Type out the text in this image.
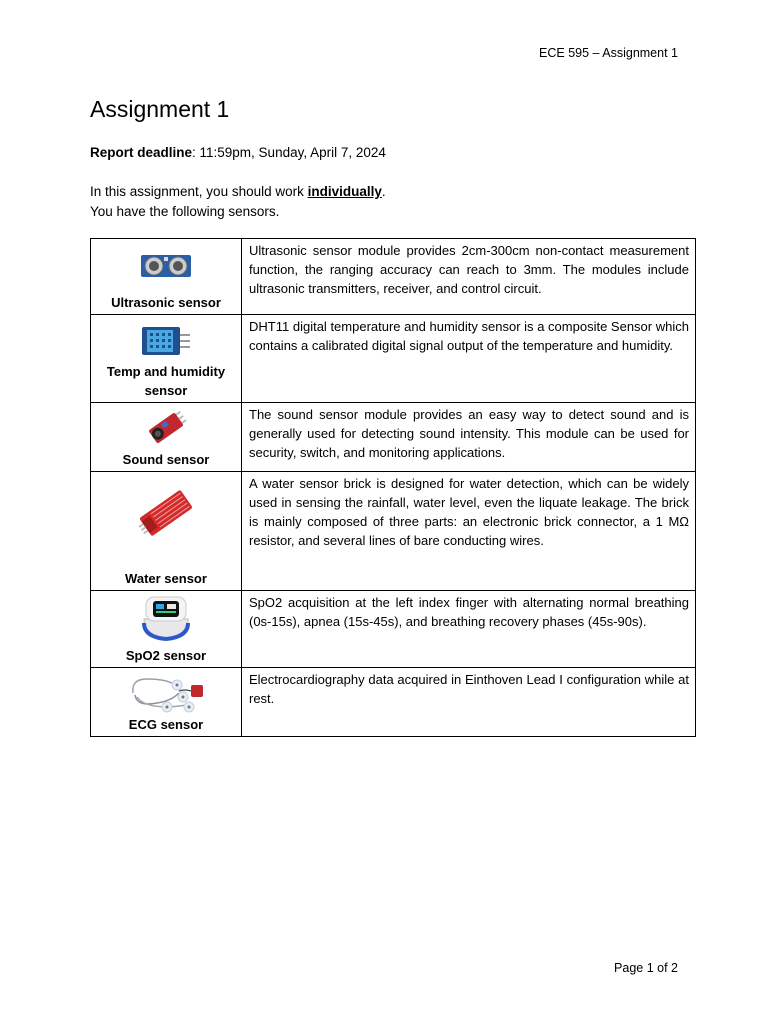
ECE 595 – Assignment 1
Assignment 1
Report deadline: 11:59pm, Sunday, April 7, 2024
In this assignment, you should work individually.
You have the following sensors.
Ultrasonic sensor	Ultrasonic sensor module provides 2cm-300cm non-contact measurement function, the ranging accuracy can reach to 3mm. The modules include ultrasonic transmitters, receiver, and control circuit.

Temp and humidity sensor	DHT11 digital temperature and humidity sensor is a composite Sensor which contains a calibrated digital signal output of the temperature and humidity.

Sound sensor	The sound sensor module provides an easy way to detect sound and is generally used for detecting sound intensity. This module can be used for security, switch, and monitoring applications.

Water sensor	A water sensor brick is designed for water detection, which can be widely used in sensing the rainfall, water level, even the liquate leakage. The brick is mainly composed of three parts: an electronic brick connector, a 1 MΩ resistor, and several lines of bare conducting wires.

SpO2 sensor	SpO2 acquisition at the left index finger with alternating normal breathing (0s-15s), apnea (15s-45s), and breathing recovery phases (45s-90s).

ECG sensor	Electrocardiography data acquired in Einthoven Lead I configuration while at rest.
Page 1 of 2
